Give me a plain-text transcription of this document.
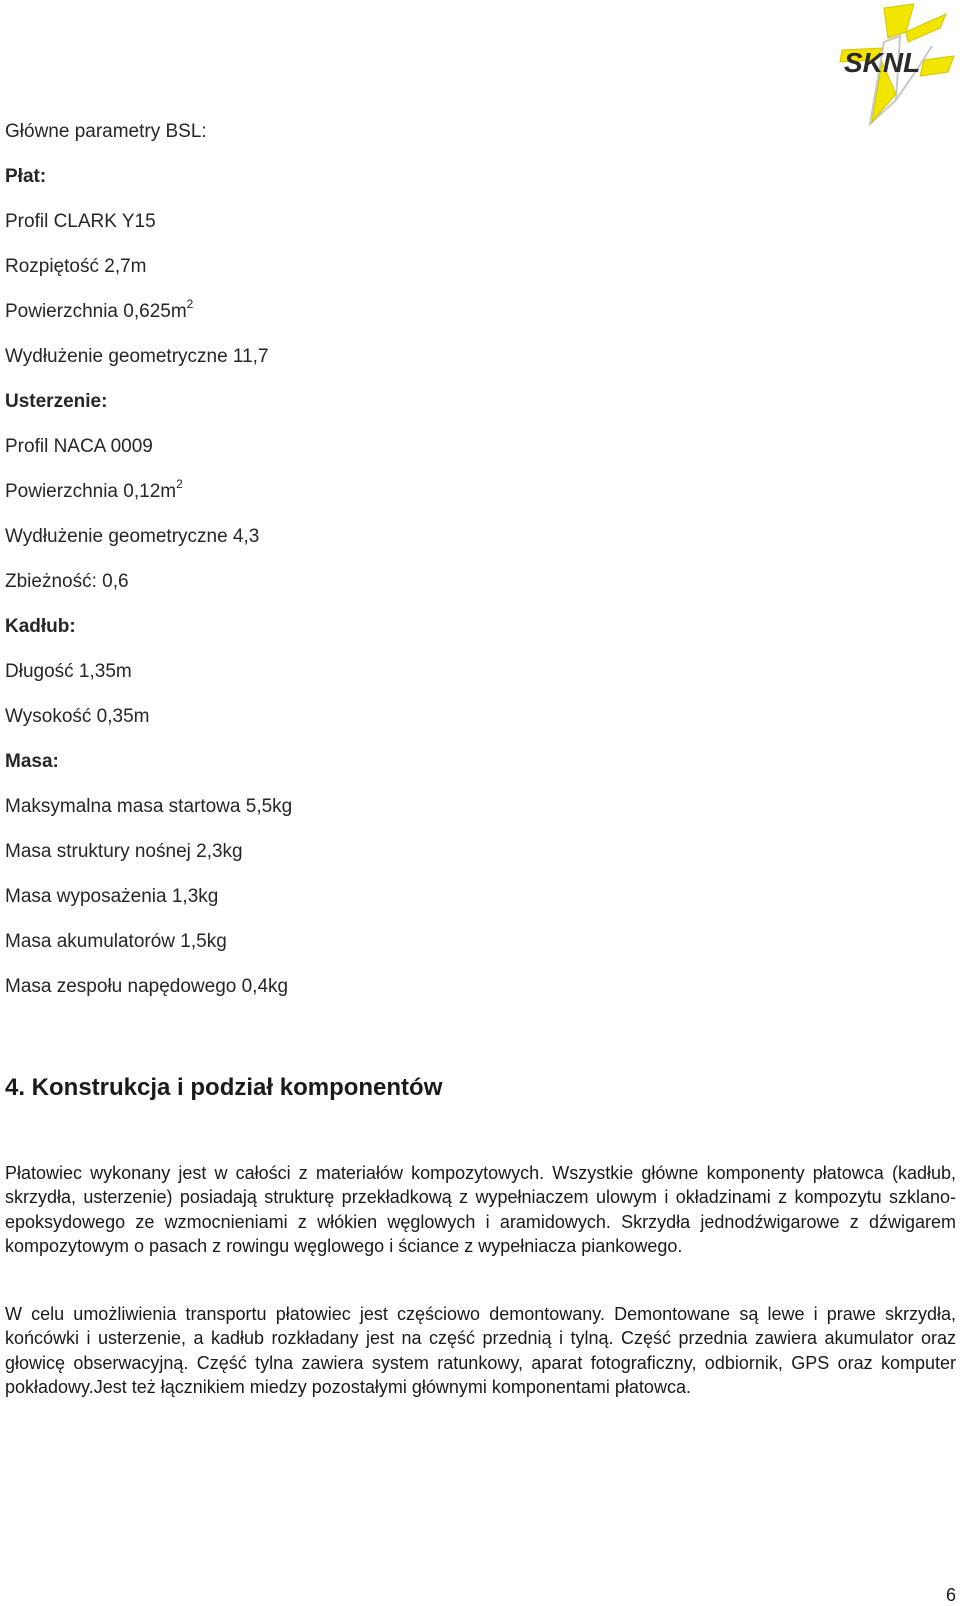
SKNL
Główne parametry BSL:
Płat:
Profil CLARK Y15
Rozpiętość 2,7m
Powierzchnia $0,625m^2$
Wydłużenie geometryczne 11,7
Usterzenie:
Profil NACA 0009
Powierzchnia $0,12m^2$
Wydłużenie geometryczne 4,3
Zbieżność: 0,6
Kadłub:
Długość 1,35m
Wysokość 0,35m
Masa:
Maksymalna masa startowa 5,5kg
Masa struktury nośnej 2,3kg
Masa wyposażenia 1,3kg
Masa akumulatorów 1,5kg
Masa zespołu napędowego 0,4kg
4. Konstrukcja i podział komponentów

Płatowiec wykonany jest w całości z materiałów kompozytowych. Wszystkie główne komponenty płatowca (kadłub, skrzydła, usterzenie) posiadają strukturę przekładkową z wypełniaczem ulowym i okładzinami z kompozytu szklano-epoksydowego ze wzmocnieniami z włókien węglowych i aramidowych. Skrzydła jednodźwigarowe z dźwigarem kompozytowym o pasach z rowingu węglowego i ściance z wypełniacza piankowego.

W celu umożliwienia transportu płatowiec jest częściowo demontowany. Demontowane są lewe i prawe skrzydła, końcówki i usterzenie, a kadłub rozkładany jest na część przednią i tylną. Część przednia zawiera akumulator oraz głowicę obserwacyjną. Część tylna zawiera system ratunkowy, aparat fotograficzny, odbiornik, GPS oraz komputer pokładowy.Jest też łącznikiem miedzy pozostałymi głównymi komponentami płatowca.

6
